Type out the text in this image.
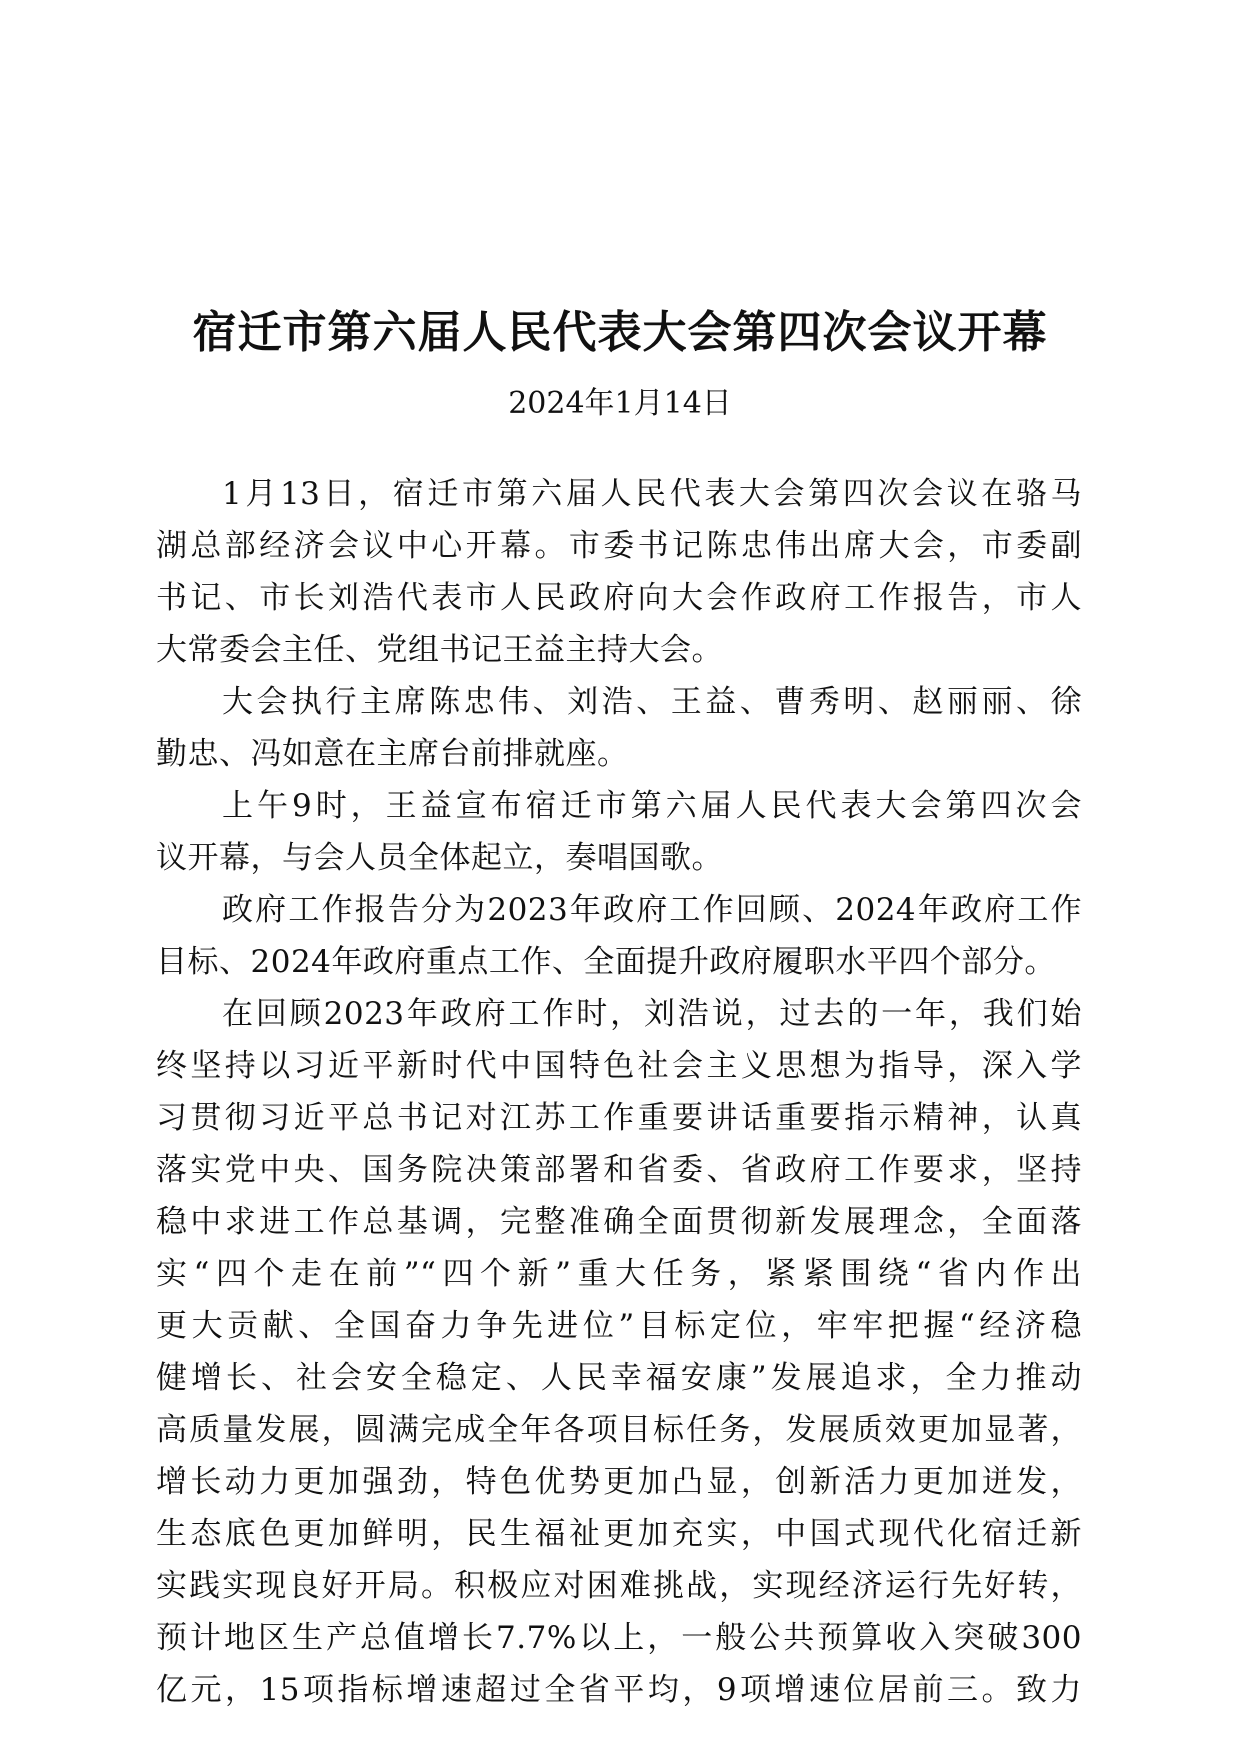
宿迁市第六届人民代表大会第四次会议开幕
2024年1月14日
1月13日，宿迁市第六届人民代表大会第四次会议在骆马
湖总部经济会议中心开幕。市委书记陈忠伟出席大会，市委副
书记、市长刘浩代表市人民政府向大会作政府工作报告，市人
大常委会主任、党组书记王益主持大会。
大会执行主席陈忠伟、刘浩、王益、曹秀明、赵丽丽、徐
勤忠、冯如意在主席台前排就座。
上午9时，王益宣布宿迁市第六届人民代表大会第四次会
议开幕，与会人员全体起立，奏唱国歌。
政府工作报告分为2023年政府工作回顾、2024年政府工作
目标、2024年政府重点工作、全面提升政府履职水平四个部分。
在回顾2023年政府工作时，刘浩说，过去的一年，我们始
终坚持以习近平新时代中国特色社会主义思想为指导，深入学
习贯彻习近平总书记对江苏工作重要讲话重要指示精神，认真
落实党中央、国务院决策部署和省委、省政府工作要求，坚持
稳中求进工作总基调，完整准确全面贯彻新发展理念，全面落
实“四个走在前”“四个新”重大任务，紧紧围绕“省内作出
更大贡献、全国奋力争先进位”目标定位，牢牢把握“经济稳
健增长、社会安全稳定、人民幸福安康”发展追求，全力推动
高质量发展，圆满完成全年各项目标任务，发展质效更加显著，
增长动力更加强劲，特色优势更加凸显，创新活力更加迸发，
生态底色更加鲜明，民生福祉更加充实，中国式现代化宿迁新
实践实现良好开局。积极应对困难挑战，实现经济运行先好转，
预计地区生产总值增长7.7%以上，一般公共预算收入突破300
亿元，15项指标增速超过全省平均，9项增速位居前三。致力
